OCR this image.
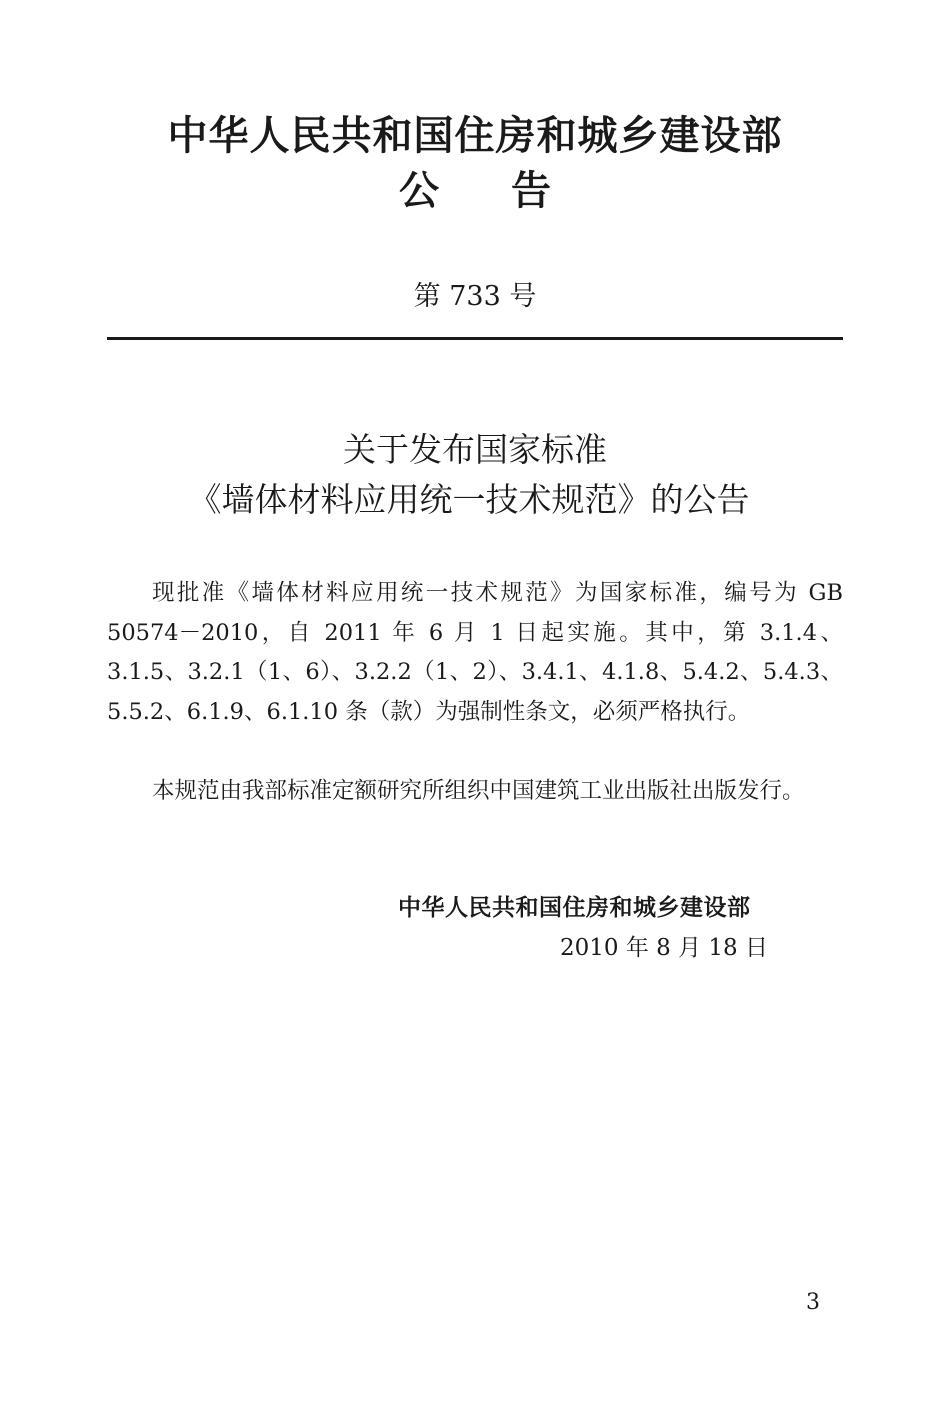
中华人民共和国住房和城乡建设部
公告
第 733 号
关于发布国家标准
《墙体材料应用统一技术规范》的公告

现批准《墙体材料应用统一技术规范》为国家标准，编号为 GB 50574－2010，自 2011 年 6 月 1 日起实施。其中，第 3.1.4、3.1.5、3.2.1（1、6）、3.2.2（1、2）、3.4.1、4.1.8、5.4.2、5.4.3、5.5.2、6.1.9、6.1.10 条（款）为强制性条文，必须严格执行。

本规范由我部标准定额研究所组织中国建筑工业出版社出版发行。

中华人民共和国住房和城乡建设部
2010 年 8 月 18 日
3
